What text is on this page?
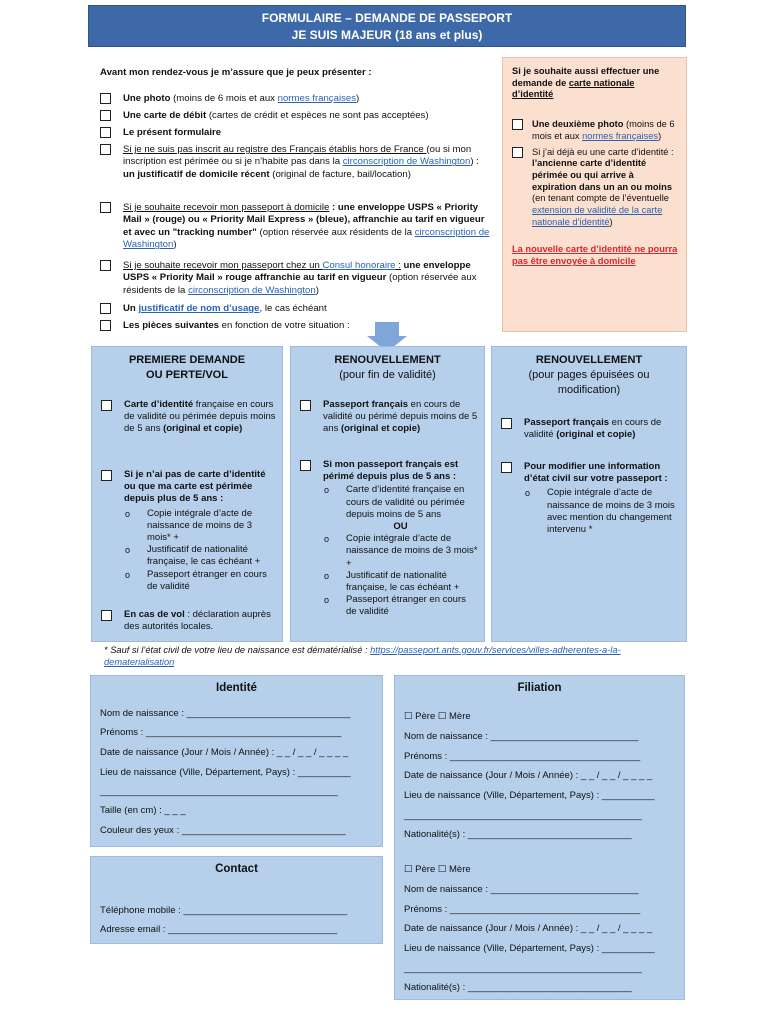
FORMULAIRE – DEMANDE DE PASSEPORT
JE SUIS MAJEUR (18 ans et plus)
Avant mon rendez-vous je m’assure que je peux présenter :
Une photo (moins de 6 mois et aux normes françaises)
Une carte de débit (cartes de crédit et espèces ne sont pas acceptées)
Le présent formulaire
Si je ne suis pas inscrit au registre des Français établis hors de France (ou si mon inscription est périmée ou si je n’habite pas dans la circonscription de Washington) : un justificatif de domicile récent (original de facture, bail/location)
Si je souhaite recevoir mon passeport à domicile : une enveloppe USPS « Priority Mail » (rouge) ou « Priority Mail Express » (bleue), affranchie au tarif en vigueur et avec un "tracking number" (option réservée aux résidents de la circonscription de Washington)
Si je souhaite recevoir mon passeport chez un Consul honoraire : une enveloppe USPS « Priority Mail » rouge affranchie au tarif en vigueur (option réservée aux résidents de la circonscription de Washington)
Un justificatif de nom d’usage, le cas échéant
Les pièces suivantes en fonction de votre situation :
Si je souhaite aussi effectuer une demande de carte nationale d’identité
Une deuxième photo (moins de 6 mois et aux normes françaises)
Si j’ai déjà eu une carte d’identité : l’ancienne carte d’identité périmée ou qui arrive à expiration dans un an ou moins (en tenant compte de l’éventuelle extension de validité de la carte nationale d’identité)
La nouvelle carte d’identité ne pourra pas être envoyée à domicile
PREMIERE DEMANDE
OU PERTE/VOL
Carte d’identité française en cours de validité ou périmée depuis moins de 5 ans (original et copie)
Si je n’ai pas de carte d’identité ou que ma carte est périmée depuis plus de 5 ans :
o Copie intégrale d’acte de naissance de moins de 3 mois* +
o Justificatif de nationalité française, le cas échéant +
o Passeport étranger en cours de validité
En cas de vol : déclaration auprès des autorités locales.
RENOUVELLEMENT
(pour fin de validité)
Passeport français en cours de validité ou périmé depuis moins de 5 ans (original et copie)
Si mon passeport français est périmé depuis plus de 5 ans :
o Carte d’identité française en cours de validité ou périmée depuis moins de 5 ans
OU
o Copie intégrale d’acte de naissance de moins de 3 mois* +
o Justificatif de nationalité française, le cas échéant +
o Passeport étranger en cours de validité
RENOUVELLEMENT
(pour pages épuisées ou modification)
Passeport français en cours de validité (original et copie)
Pour modifier une information d’état civil sur votre passeport :
o Copie intégrale d’acte de naissance de moins de 3 mois avec mention du changement intervenu *
* Sauf si l’état civil de votre lieu de naissance est dématérialisé : https://passeport.ants.gouv.fr/services/villes-adherentes-a-la-dematerialisation
Identité
Nom de naissance : _______________________________
Prénoms : _____________________________________
Date de naissance (Jour / Mois / Année) : _ _ / _ _ / _ _ _ _
Lieu de naissance (Ville, Département, Pays) : __________
_____________________________________________
Taille (en cm) : _ _ _
Couleur des yeux : _______________________________
Contact
Téléphone mobile : _______________________________
Adresse email : ________________________________
Filiation
☐ Père ☐ Mère
Nom de naissance : ____________________________
Prénoms : ____________________________________
Date de naissance (Jour / Mois / Année) : _ _ / _ _ / _ _ _ _
Lieu de naissance (Ville, Département, Pays) : __________
_____________________________________________
Nationalité(s) : _______________________________
☐ Père ☐ Mère
Nom de naissance : ____________________________
Prénoms : ____________________________________
Date de naissance (Jour / Mois / Année) : _ _ / _ _ / _ _ _ _
Lieu de naissance (Ville, Département, Pays) : __________
_____________________________________________
Nationalité(s) : _______________________________
